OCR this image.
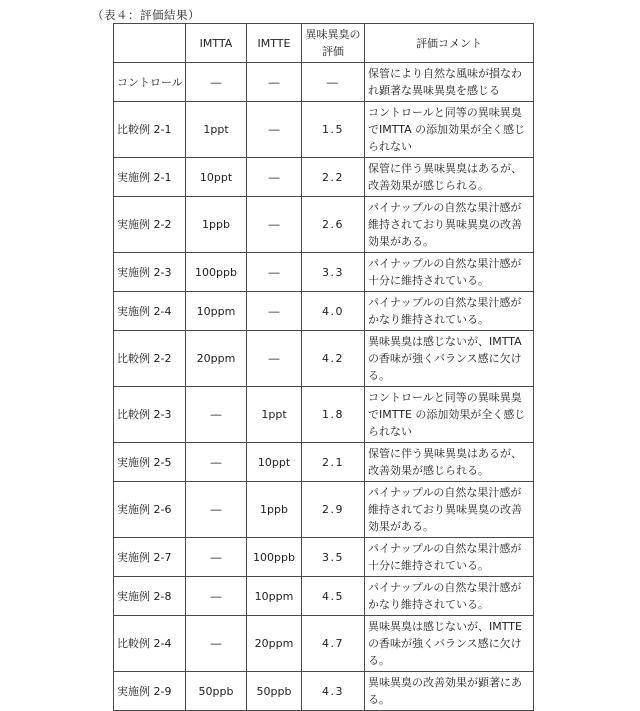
（表４：評価結果）
	IMTTA	IMTTE	異味異臭の評価	評価コメント
コントロール	―	―	―	保管により自然な風味が損なわれ顕著な異味異臭を感じる
比較例 2-1	1ppt	―	1.5	コントロールと同等の異味異臭でIMTTA の添加効果が全く感じられない
実施例 2-1	10ppt	―	2.2	保管に伴う異味異臭はあるが、改善効果が感じられる。
実施例 2-2	1ppb	―	2.6	パイナップルの自然な果汁感が維持されており異味異臭の改善効果がある。
実施例 2-3	100ppb	―	3.3	パイナップルの自然な果汁感が十分に維持されている。
実施例 2-4	10ppm	―	4.0	パイナップルの自然な果汁感がかなり維持されている。
比較例 2-2	20ppm	―	4.2	異味異臭は感じないが、IMTTA の香味が強くバランス感に欠ける。
比較例 2-3	―	1ppt	1.8	コントロールと同等の異味異臭でIMTTE の添加効果が全く感じられない
実施例 2-5	―	10ppt	2.1	保管に伴う異味異臭はあるが、改善効果が感じられる。
実施例 2-6	―	1ppb	2.9	パイナップルの自然な果汁感が維持されており異味異臭の改善効果がある。
実施例 2-7	―	100ppb	3.5	パイナップルの自然な果汁感が十分に維持されている。
実施例 2-8	―	10ppm	4.5	パイナップルの自然な果汁感がかなり維持されている。
比較例 2-4	―	20ppm	4.7	異味異臭は感じないが、IMTTE の香味が強くバランス感に欠ける。
実施例 2-9	50ppb	50ppb	4.3	異味異臭の改善効果が顕著にある。
